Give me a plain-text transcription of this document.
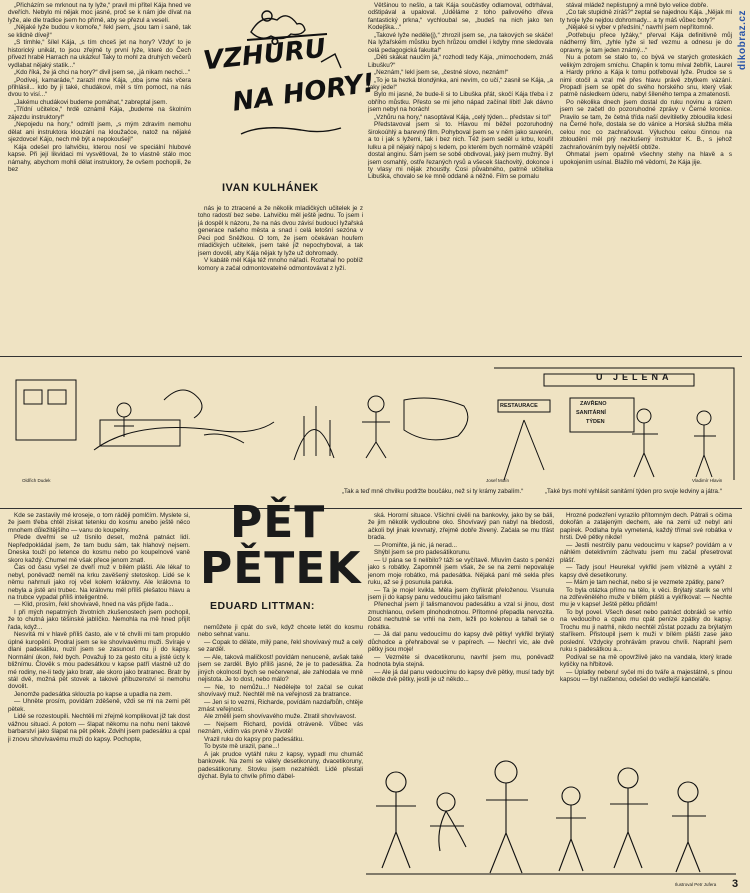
dikobraz.cz

„Přicházím se mrknout na ty lyže,“ pravil mi přítel Kája hned ve dveřích. Nebylo mi nějak moc jasné, proč se k nám jde dívat na lyže, ale dle tradice jsem ho přímě, aby se přezul a veselí.

„Nějaké lyže budou v komoře,“ řekl jsem, „jsou tam i saně, tak se klidně dívej!“

„S tímhle,“ šílel Kája, „s tím chceš jet na hory? Vždyť to je historický unikát, to jsou zřejmě ty první lyže, které do Čech přivezl hrabě Harrach na ukázku! Taky to mohl za druhých večerů vydlabat nějaký statik...“

„Kdo říká, že já chci na hory?“ divil jsem se, „já nikam nechci...“

„Podívej, kamaráde,“ zarazil mne Kája, „oba jsme nás včera přihlásil... kdo by ji také, chudákovi, měl s tím pomoct, na nás dvou to visí...“

„Jakému chudákovi budeme pomáhat,“ zabreptal jsem.

„Třídní učitelce,“ hrdě oznámil Kája, „budeme na školním zájezdu instruktory!“

„Nepojedu na hory,“ odmítl jsem, „s mým zdravím nemohu dělat ani instruktora klouzání na kloužačce, natož na nějaké sjezdovce! Kájo, nech mě být a nepokoušej!“

Kája odešel pro lahvičku, kterou nosí ve speciální hlubové kapse. Při její likvidaci mi vysvětloval, že to vlastně stálo moc námahy, abychom mohli dělat instruktory, že ovšem pochopili, že bez

VZHŮRU
NA HORY!
IVAN KULHÁNEK

nás je to ztracené a že několik mladičkých učitelek je z toho radostí bez sebe. Lahvičku měl ještě jednu. To jsem i já dospěl k názoru, že na nás dvou závisí budoucí lyžařská generace našeho města a snad i celá letošní sezóna v Peci pod Sněžkou. O tom, že jsem očekávan houfem mladičkých učitelek, jsem také již nepochyboval, a tak jsem dovolil, aby Kája nějak ty lyže už dohromady.

V kabátě měl Kája též mnoho nářadí. Roztahal ho pobliž komory a začal odmontovatelné odmontovávat z lyží.

Většinou to nešlo, a tak Kája součástky odlamoval, odtrhával, odštipával a upaloval. „Uděláme z toho palivového dřeva fantastický prkna,“ vychloubal se, „budeš na nich jako ten Kodejška...“

„Takové lyže neděle(j),“ zhrozil jsem se, „na takových se skáče! Na lyžařském můstku bych hrůzou omdlel i kdyby mne sledovala celá pedagogická fakulta!“

„Děti skákat naučím já,“ rozhodl tedy Kája, „mimochodem, znáš Libušku?“

„Neznám,“ lekl jsem se, „čestné slovo, neznám!“

„To je ta hezká blondýnka, ani nevím, co učí,“ zasnil se Kája, „a taky jede!“

Bylo mi jasné, že bude-li si to Libuška přát, skočí Kája třeba i z obřího můstku. Přesto se mi jeho nápad začínal líbit! Jak dávno jsem nebyl na horách!

„Vzhůru na hory,“ nasoptával Kája, „celý týden... představ si to!“

Představoval jsem si to. Hlavou mi běžel pozoruhodný širokoúhlý a barevný film. Pohyboval jsem se v něm jako suverén, a to i jak s lyžemi, tak i bez nich. Též jsem seděl u krbu, kouřil lulku a pil nějaký nápoj s ledem, po kterém bych normálně vzápětí dostal anginu. Sám jsem se sobě obdivoval, jaký jsem mužný. Byl jsem osmahlý, ostře řezaných rysů a všecek šlachovitý, dokonce i ty vlasy mi nějak zhoustly. Cosi půvabného, patrně učitelka Libuška, chovalo se ke mně oddaně a něžně. Film se pomalu

stával mládež neplistupný a mně bylo velice dobře.

„Co tak stupidně zíráš?“ zeptal se najednou Kája. „Nějak mi ty tvoje lyže nejdou dohromady... a ty máš vůbec boty?“

„Nějaké si vyber v předsíni,“ navrhl jsem nepřítomně.

„Potřebuju přece lyžáky,“ přerval Kája definitivně můj nádherný film, „tyhle lyže si teď vezmu a odnesu je do opravny, je tam jeden známý...“

Nu a potom se stalo to, co bývá ve starých groteskách velikým zdrojem smíchu. Chaplin k tomu míval žebřík, Laurel a Hardy prkno a Kája k tomu potřeboval lyže. Prudce se s nimi otočil a vzal mě přes hlavu právě zbytkem vázání. Propadl jsem se opět do svého horského snu, který však patrně následkem úderu, nabyl šíleného tempa a zmatenosti.

Po několika dnech jsem dostal do ruku novinu a rázem jsem se začetl do pozoruhodné zprávy v Černé kronice. Pravilo se tam, že četná třída naší devítiletky zbloudila kdesi na Černé hoře, dostala se do vánice a Horská služba měla celou noc co zachraňovat. Výluchou celou činnou na zbloudění měl prý nezkušený instruktor K. B., s jehož zachraňováním byly největší obtíže.

Ohmatal jsem opatrně všechny stehy na hlavě a s upokojením usínal. Blažilo mě vědomí, že Kája jije.

U JELENA
RESTAURACE	ZAVŘENO
SANITÁRNÍ
TÝDEN
Oldřich Dudek	Josef Molín	Vladimír Hlavin
„Tak a teď mně chvilku podržte boučáku, než si ty krámy zabalím.“	„Také bys mohl vyhlásit sanitární týden pro svoje ledviny a játra.“

Kde se zastavily mé kroseje, o tom ráději pomlčím. Myslete si, že jsem třeba chtěl získat tetenku do kosmu anebo ještě něco mnohem důležitějšího — vanu do koupelny.

Přede dveřmi se už tísnilo deset, možná patnáct lidí. Nepředpokládal jsem, že tam budu sám, tak hlahový nejsem. Dneska touží po letence do kosmu nebo po koupelnové vaně skoro každý. Chumel mě však přece jenom znatl.

Čas od času vyšel ze dveří muž v bílém plášti. Ale lékař to nebyl, poněvadž neměl na krku zavěšený stetoskop. Lidé se k němu nahrnuli jako roj včel kolem královny. Ale královna to nebyla a jistě ani trubec. Na královnu měl příliš plešatou hlavu a na trubce vypadal příliš inteligentně.

— Klid, prosím, řekl shovivavě, hned na vás přijde řada...

I při mých nepatrných životních zkušenostech jsem pochopil, že to chutná jako těšinské jablíčko. Nemohla na mě hned přijít řada, když...

Nesvítá mi v hlavě příliš často, ale v té chvíli mi tam propuklo úplné kuropění. Prodral jsem se ke shovívavému muži. Svíraje v dlani padesátiku, nuzil jsem se zasunout mu ji do kapsy. Normální úkon, řekl bych. Považuji to za gesto citu a jisté úcty k bližnímu. Člověk s mou padesátkou v kapse patří vlastně už do mé rodiny, ne-li tedy jako bratr, ale skoro jako bratranec. Bratr by stál dvě, možná pět stovek a takové příbuzenství si nemohu dovolit.

Jenomže padesátka sklouzla po kapse a upadla na zem.

— Uhněte prosím, povídám zděšeně, vždi se mi na zemi pět pětek.

Lidé se rozestoupili. Nechtěli mi zřejmě komplikovat již tak dost vážnou situaci. A potom — šlapat někomu na nohu není takové barbarství jako šlapat na pět pětek. Zdvihl jsem padesátku a cpal ji znovu shovívavému muži do kapsy. Pochopte,

PĚT
PĚTEK
EDUARD LITTMAN:

nemůžete ji cpát do svě, když chcete letět do kosmu nebo sehnat vanu.

— Copak to děláte, milý pane, řekl shovívavý muž a celý se zarděl.

— Ale, taková maličkost! povídám nenuceně, avšak také jsem se zarděl. Bylo příliš jasné, že je to padesátka. Za jiných okolností bych se nečervenal, ale zahlodala ve mně nejistota. Je to dost, nebo málo?

— Ne, to nemůžu...! Nedělejte to! začal se cukat shovívavý muž. Nechtěl mě na veřejnosti za bratrance.

— Jen si to vezmi, Richarde, povídám nazdařbůh, chtěje zmást veřejnost.

Ale změlil jsem shovívavého muže. Ztratil shovívavost.

— Nejsem Richard, povídá otráveně. Vůbec vás neznám, vidím vás prvně v životě!

Vrazil ruku do kapsy pro padesátku.

To byste mě urazil, pane...!

A jak prudce vytáhl ruku z kapsy, vypadl mu chumáč bankovek. Na zemi se válely desetikoruny, dvacetikoruny, padesátikoruny. Stovku jsem nezahlédl. Lidé přestali dýchat. Byla to chvíle přímo ďábel-

ská. Hororní situace. Všichni civěli na bankovky, jako by se báli, že jim několik vydloubne oko. Shovívavý pan nabyl na bledosti, ačkoli byl jinak krevnatý, zřejmě dobře živený. Začala se mu třást brada.

— Promiňte, já nic, já nerad...

Shýbl jsem se pro padesátikorunu.

— U pána se ti nelíbilo? táži se vyčítavě. Mluvím často s penězi jako s robátky. Zapomněl jsem však, že se na zemi nepovaluje jenom moje robátko, má padesátka. Nějaká paní mě sekla přes ruku, až se ji posunula paruka.

— Ta je moje! kvikla. Měla jsem čtyřikrát přeloženou. Vsunula jsem ji do kapsy panu vedoucímu jako talisman!

Přenechal jsem jí talismanovou padesátku a vzal si jinou, dost zmuchlanou, ovšem plnohodnotnou. Přítomné přepadla nervozita. Dost nechutně se vrhli na zem, ležli po kolenou a tahali se o robátka.

— Já dal panu vedoucímu do kapsy dvě pětky! vykřikl brýlatý důchodce a přehraboval se v papírech. — Nechrí vic, ale dvě pětky jsou moje!

— Vezměte si dvacetikorunu, navrhl jsem mu, poněvadž hodnota byla stejná.

— Ale já dal panu vedoucímu do kapsy dvě pětky, musí tady být někde dvě pětky, jestli je už někdo...

Hrozné podezření vyrazilo přítomným dech. Pátrali s očima dokořán a zatajeným dechem, ale na zemi už nebyl ani papírek. Podlaha byla vymetená, každý třímal své robátka v hrsti. Dvě pětky nikde!

— Jestli nestrčily panu vedoucímu v kapse? povídám a v náhlém detektivním záchvatu jsem mu začal přesetrovat plášť.

— Tady jsou! Heureka! vykřikl jsem vítězně a vytáhl z kapsy dvě desetikoruny.

— Mám je tam nechat, nebo si je vezmete zpátky, pane?

To byla otázka přímo na tělo, k věci. Brýlatý starík se vrhl na zdřevěnělého muže v bílém plášti a vykřikoval: — Nechte mu je v kapse! Ještě pětku přidám!

To byl povel. Všech deset nebo patnáct dobráků se vrhlo na vedoucího a cpalo mu cpát peníze zpátky do kapsy. Trochu mu ji natrhli, nikdo nechtěl zůstat pozadu za brýlatým staříkem. Přistoupil jsem k muži v bílém plášti zase jako poslední. Vždycky prohrávám pravou chvíli. Naprahl jsem ruku s padesátkou a...

Podíval se na mě opovržlivě jako na vandala, který krade kytičky na hřbitově.

— Úplatky neberu! syčel mi do tváře a majestátně, s plnou kapsou — byl naštenou, odešel do vedlejší kanceláře.

Ilustroval Petr Jufera 3
